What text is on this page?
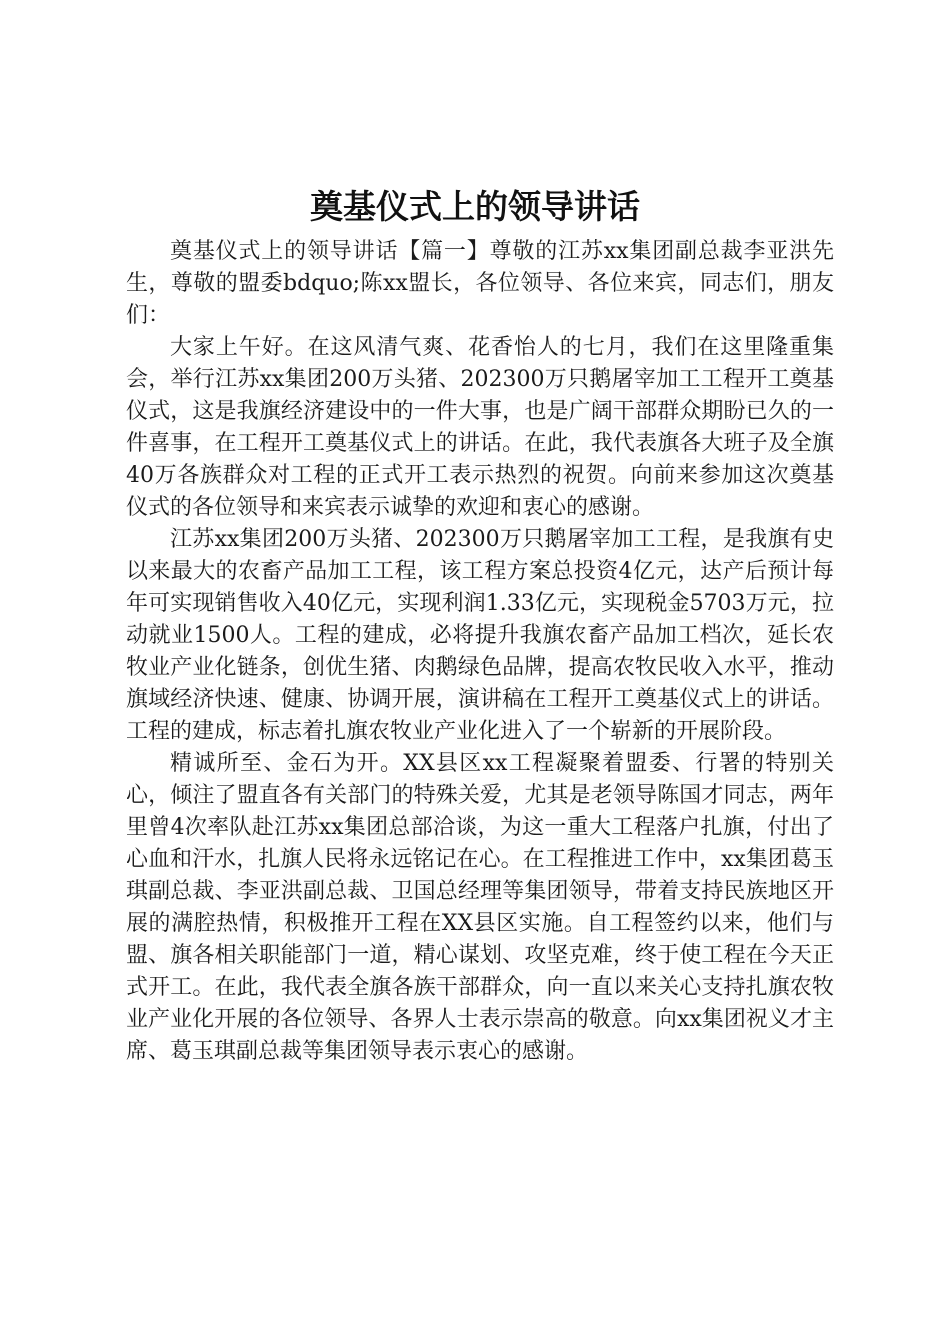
奠基仪式上的领导讲话

奠基仪式上的领导讲话【篇一】尊敬的江苏xx集团副总裁李亚洪先生，尊敬的盟委bdquo;陈xx盟长，各位领导、各位来宾，同志们，朋友们：

大家上午好。在这风清气爽、花香怡人的七月，我们在这里隆重集会，举行江苏xx集团200万头猪、202300万只鹅屠宰加工工程开工奠基仪式，这是我旗经济建设中的一件大事，也是广阔干部群众期盼已久的一件喜事，在工程开工奠基仪式上的讲话。在此，我代表旗各大班子及全旗40万各族群众对工程的正式开工表示热烈的祝贺。向前来参加这次奠基仪式的各位领导和来宾表示诚挚的欢迎和衷心的感谢。

江苏xx集团200万头猪、202300万只鹅屠宰加工工程，是我旗有史以来最大的农畜产品加工工程，该工程方案总投资4亿元，达产后预计每年可实现销售收入40亿元，实现利润1.33亿元，实现税金5703万元，拉动就业1500人。工程的建成，必将提升我旗农畜产品加工档次，延长农牧业产业化链条，创优生猪、肉鹅绿色品牌，提高农牧民收入水平，推动旗域经济快速、健康、协调开展，演讲稿在工程开工奠基仪式上的讲话。工程的建成，标志着扎旗农牧业产业化进入了一个崭新的开展阶段。

精诚所至、金石为开。XX县区xx工程凝聚着盟委、行署的特别关心，倾注了盟直各有关部门的特殊关爱，尤其是老领导陈国才同志，两年里曾4次率队赴江苏xx集团总部洽谈，为这一重大工程落户扎旗，付出了心血和汗水，扎旗人民将永远铭记在心。在工程推进工作中，xx集团葛玉琪副总裁、李亚洪副总裁、卫国总经理等集团领导，带着支持民族地区开展的满腔热情，积极推开工程在XX县区实施。自工程签约以来，他们与盟、旗各相关职能部门一道，精心谋划、攻坚克难，终于使工程在今天正式开工。在此，我代表全旗各族干部群众，向一直以来关心支持扎旗农牧业产业化开展的各位领导、各界人士表示崇高的敬意。向xx集团祝义才主席、葛玉琪副总裁等集团领导表示衷心的感谢。
